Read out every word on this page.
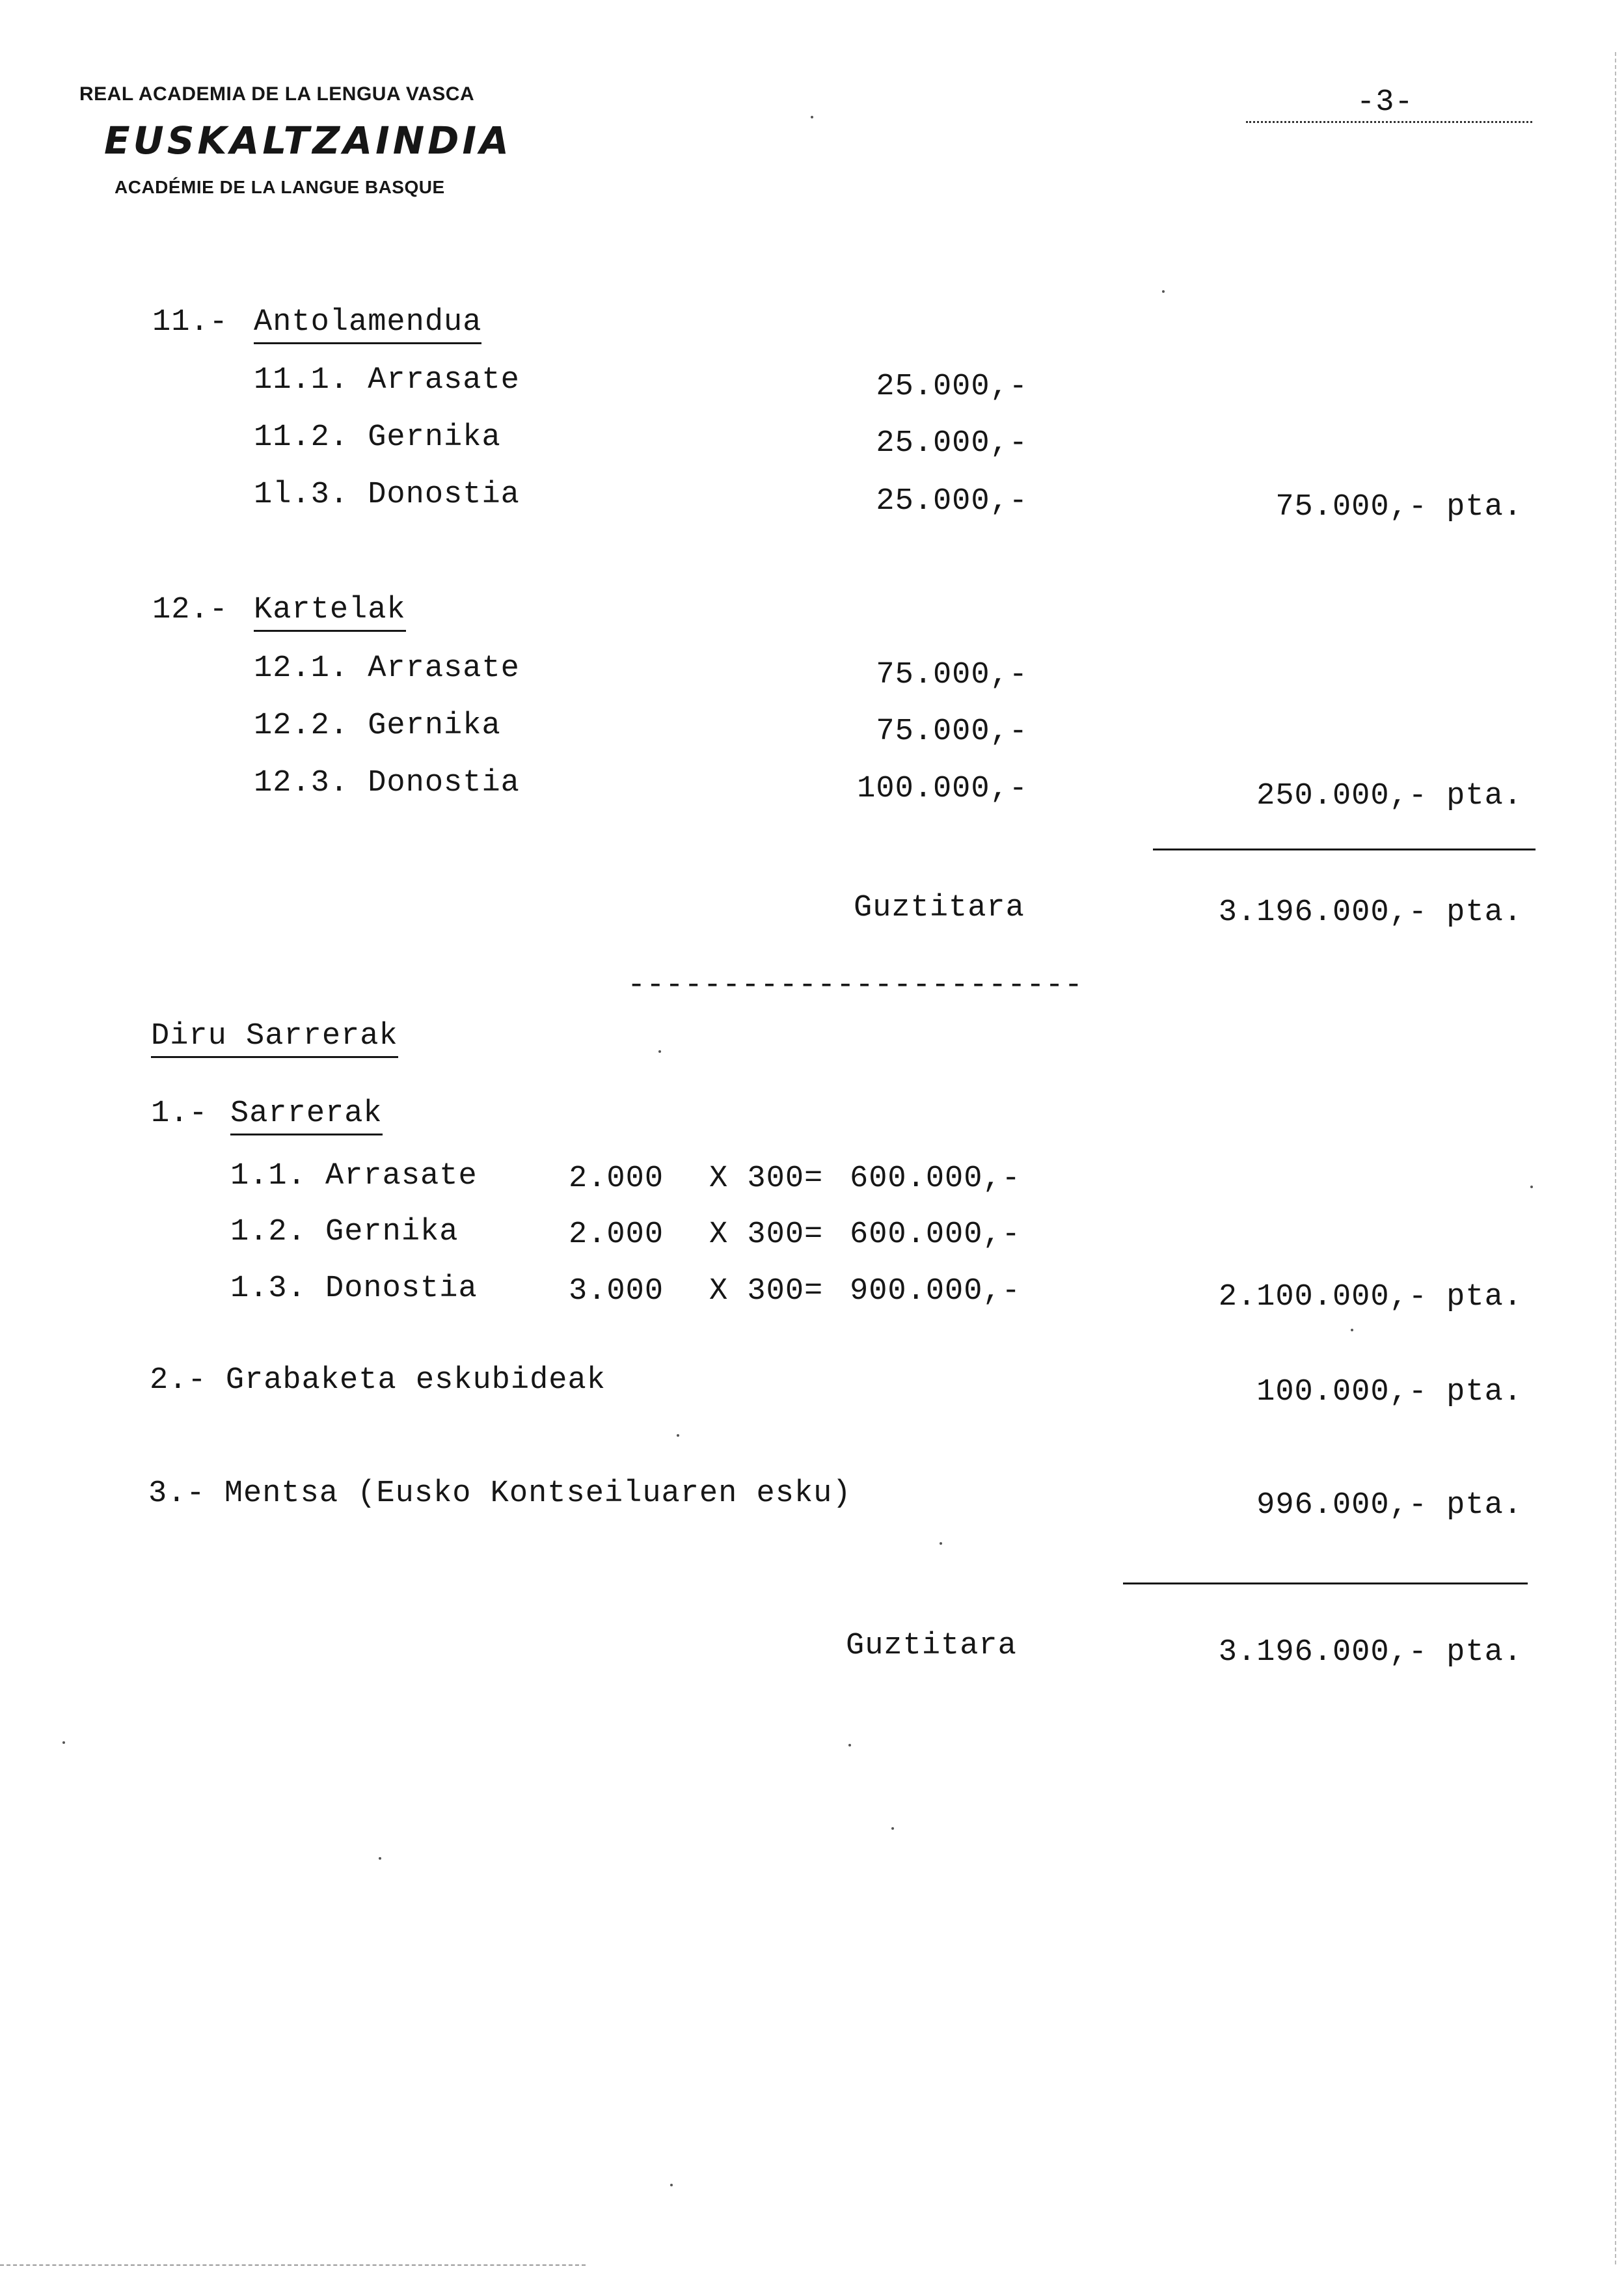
REAL ACADEMIA DE LA LENGUA VASCA
EUSKALTZAINDIA
ACADÉMIE DE LA LANGUE BASQUE
-3-
11.- Antolamendua
11.1. Arrasate	25.000,-
11.2. Gernika	25.000,-
1l.3. Donostia	25.000,-	75.000,- pta.
12.- Kartelak
12.1. Arrasate	75.000,-
12.2. Gernika	75.000,-
12.3. Donostia	100.000,-	250.000,- pta.
Guztitara	3.196.000,- pta.
------------------------
Diru Sarrerak
1.- Sarrerak
1.1. Arrasate	2.000 X 300= 600.000,-
1.2. Gernika	2.000 X 300= 600.000,-
1.3. Donostia	3.000 X 300= 900.000,-	2.100.000,- pta.
2.- Grabaketa eskubideak	100.000,- pta.
3.- Mentsa (Eusko Kontseiluaren esku)	996.000,- pta.
Guztitara	3.196.000,- pta.
